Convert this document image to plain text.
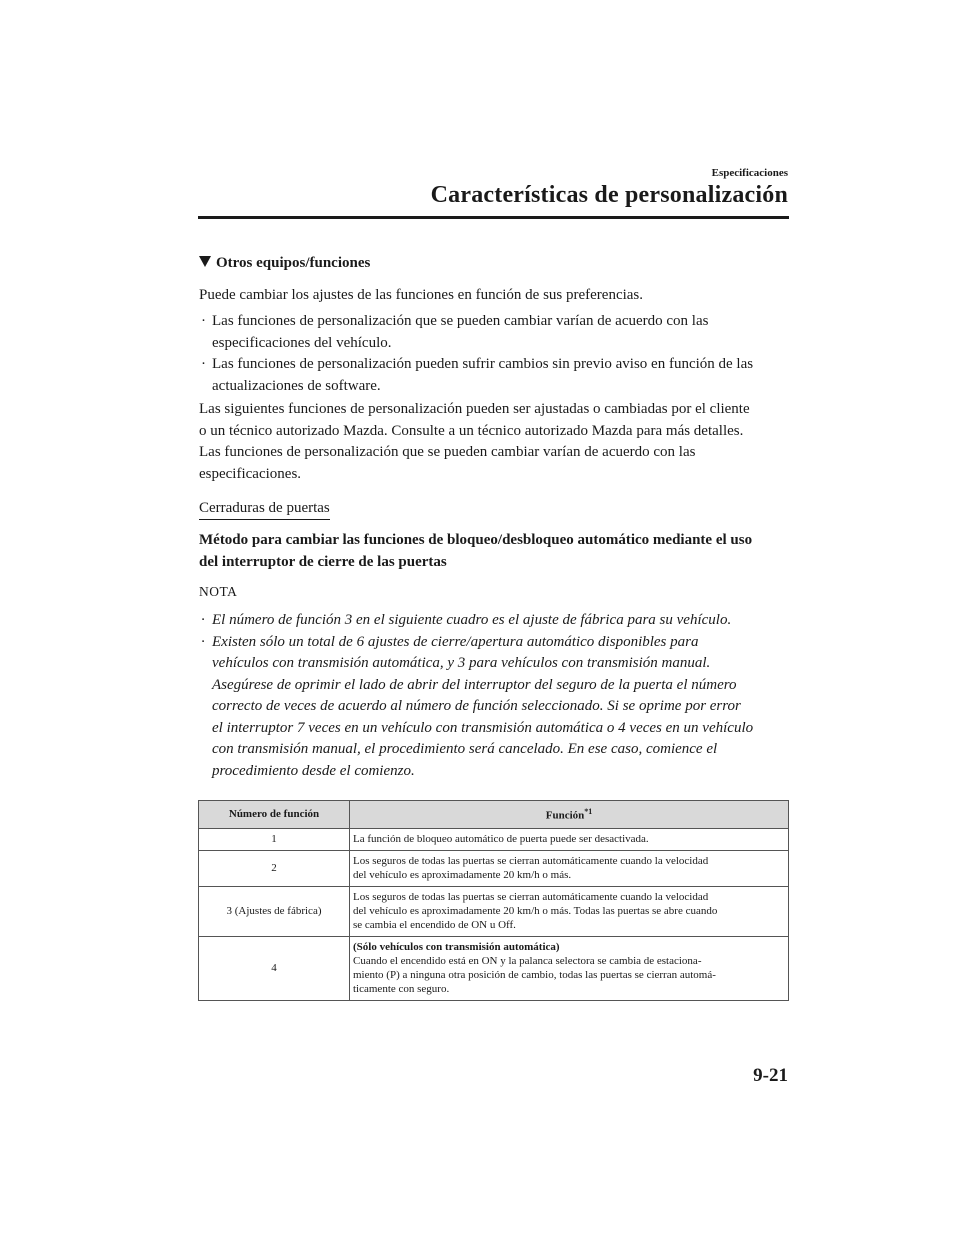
Especificaciones
Características de personalización
Otros equipos/funciones
Puede cambiar los ajustes de las funciones en función de sus preferencias.
· Las funciones de personalización que se pueden cambiar varían de acuerdo con las
especificaciones del vehículo.
· Las funciones de personalización pueden sufrir cambios sin previo aviso en función de las
actualizaciones de software.
Las siguientes funciones de personalización pueden ser ajustadas o cambiadas por el cliente
o un técnico autorizado Mazda. Consulte a un técnico autorizado Mazda para más detalles.
Las funciones de personalización que se pueden cambiar varían de acuerdo con las
especificaciones.
Cerraduras de puertas
Método para cambiar las funciones de bloqueo/desbloqueo automático mediante el uso
del interruptor de cierre de las puertas
NOTA
· El número de función 3 en el siguiente cuadro es el ajuste de fábrica para su vehículo.
· Existen sólo un total de 6 ajustes de cierre/apertura automático disponibles para
vehículos con transmisión automática, y 3 para vehículos con transmisión manual.
Asegúrese de oprimir el lado de abrir del interruptor del seguro de la puerta el número
correcto de veces de acuerdo al número de función seleccionado. Si se oprime por error
el interruptor 7 veces en un vehículo con transmisión automática o 4 veces en un vehículo
con transmisión manual, el procedimiento será cancelado. En ese caso, comience el
procedimiento desde el comienzo.
Número de función	Función$^{*1}$
1	La función de bloqueo automático de puerta puede ser desactivada.
2	Los seguros de todas las puertas se cierran automáticamente cuando la velocidad
del vehículo es aproximadamente 20 km/h o más.
3 (Ajustes de fábrica)	Los seguros de todas las puertas se cierran automáticamente cuando la velocidad
del vehículo es aproximadamente 20 km/h o más. Todas las puertas se abre cuando
se cambia el encendido de ON u Off.
4	(Sólo vehículos con transmisión automática)
Cuando el encendido está en ON y la palanca selectora se cambia de estaciona-
miento (P) a ninguna otra posición de cambio, todas las puertas se cierran automá-
ticamente con seguro.
9-21
